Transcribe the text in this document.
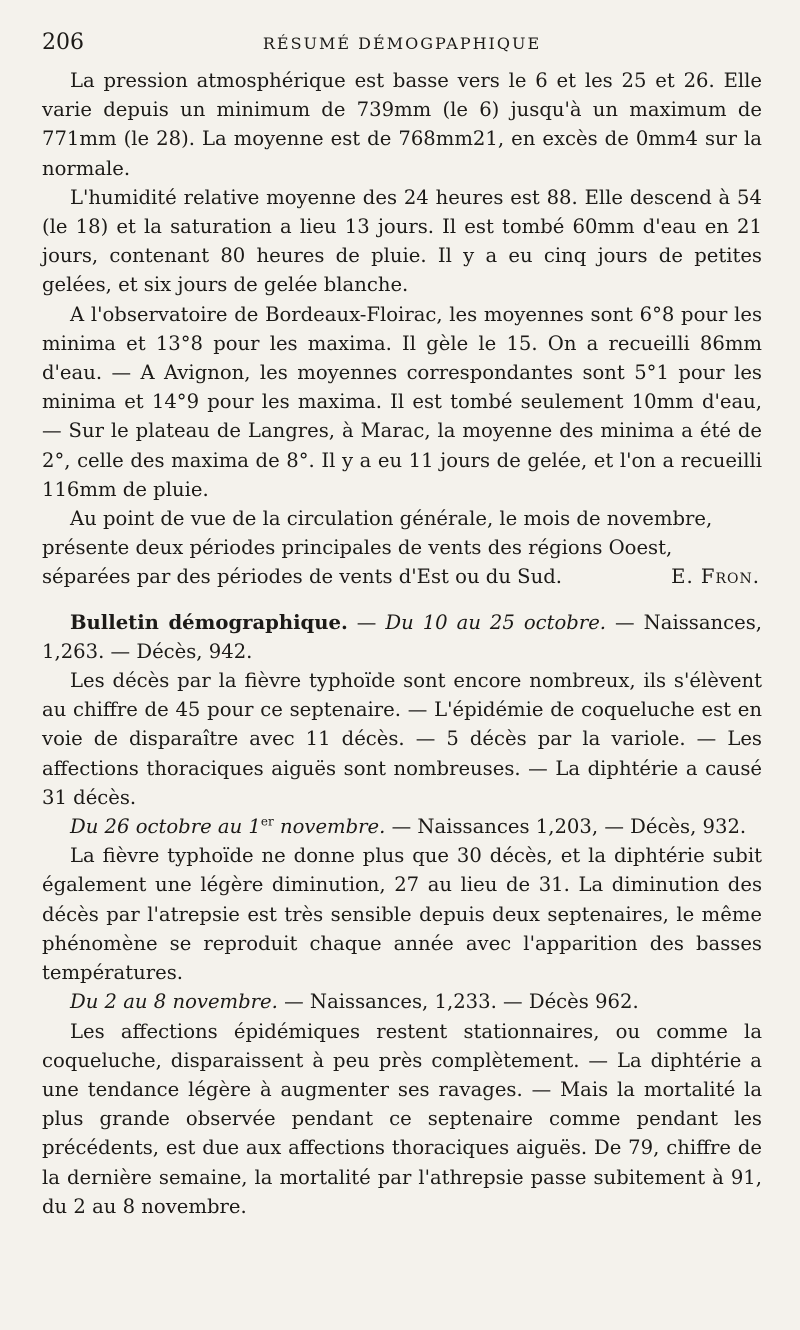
206	RÉSUMÉ DÉMOGPAPHIQUE

La pression atmosphérique est basse vers le 6 et les 25 et 26. Elle varie depuis un minimum de 739mm (le 6) jusqu'à un maximum de 771mm (le 28). La moyenne est de 768mm21, en excès de 0mm4 sur la normale.

L'humidité relative moyenne des 24 heures est 88. Elle descend à 54 (le 18) et la saturation a lieu 13 jours. Il est tombé 60mm d'eau en 21 jours, contenant 80 heures de pluie. Il y a eu cinq jours de petites gelées, et six jours de gelée blanche.

A l'observatoire de Bordeaux-Floirac, les moyennes sont 6°8 pour les minima et 13°8 pour les maxima. Il gèle le 15. On a recueilli 86mm d'eau. — A Avignon, les moyennes correspondantes sont 5°1 pour les minima et 14°9 pour les maxima. Il est tombé seulement 10mm d'eau, — Sur le plateau de Langres, à Marac, la moyenne des minima a été de 2°, celle des maxima de 8°. Il y a eu 11 jours de gelée, et l'on a recueilli 116mm de pluie.

Au point de vue de la circulation générale, le mois de novembre, présente deux périodes principales de vents des régions Ooest, séparées par des périodes de vents d'Est ou du Sud.	E. Fron.

Bulletin démographique. — Du 10 au 25 octobre. — Naissances, 1,263. — Décès, 942.

Les décès par la fièvre typhoïde sont encore nombreux, ils s'élèvent au chiffre de 45 pour ce septenaire. — L'épidémie de coqueluche est en voie de disparaître avec 11 décès. — 5 décès par la variole. — Les affections thoraciques aiguës sont nombreuses. — La diphtérie a causé 31 décès.

Du 26 octobre au 1er novembre. — Naissances 1,203, — Décès, 932.

La fièvre typhoïde ne donne plus que 30 décès, et la diphtérie subit également une légère diminution, 27 au lieu de 31. La diminution des décès par l'atrepsie est très sensible depuis deux septenaires, le même phénomène se reproduit chaque année avec l'apparition des basses températures.

Du 2 au 8 novembre. — Naissances, 1,233. — Décès 962.

Les affections épidémiques restent stationnaires, ou comme la coqueluche, disparaissent à peu près complètement. — La diphtérie a une tendance légère à augmenter ses ravages. — Mais la mortalité la plus grande observée pendant ce septenaire comme pendant les précédents, est due aux affections thoraciques aiguës. De 79, chiffre de la dernière semaine, la mortalité par l'athrepsie passe subitement à 91, du 2 au 8 novembre.
